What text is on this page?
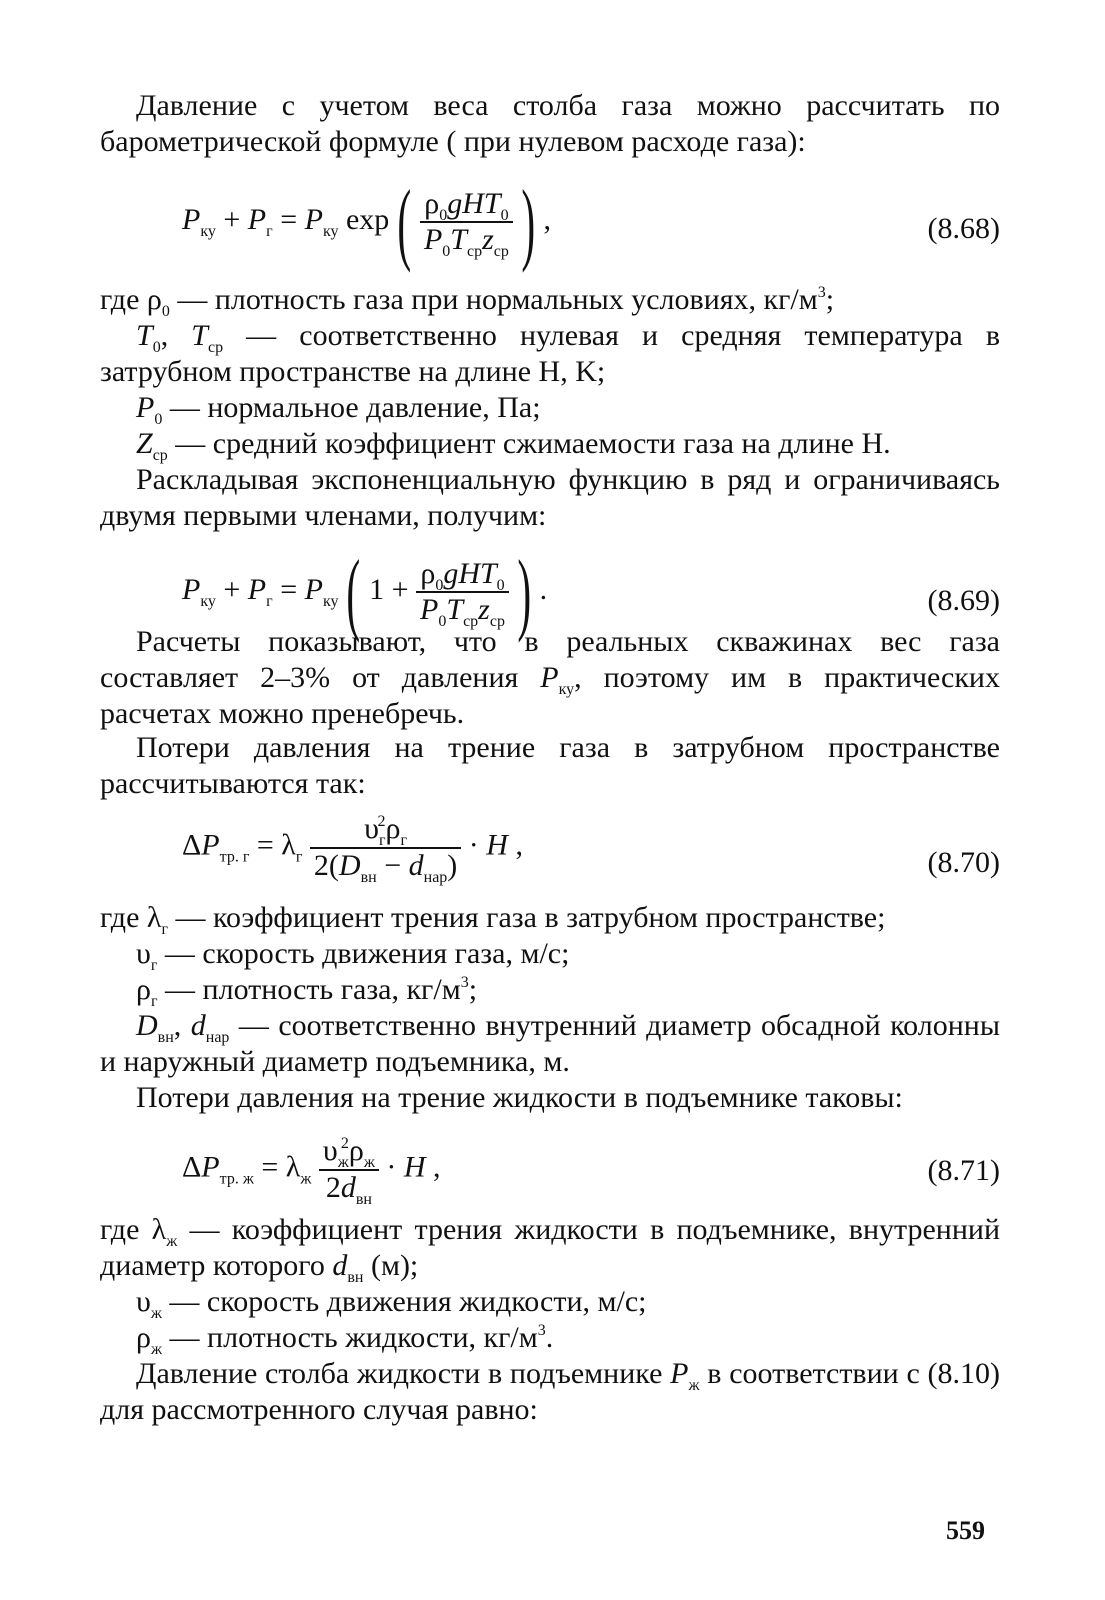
Давление с учетом веса столба газа можно рассчитать по барометрической формуле ( при нулевом расходе газа):
$P_{ку} + P_г = P_{ку}$ $\exp( \frac{\rho_0gHT_0}{P_0T_{ср}z_{ср}}$ ) ,	(8.68)
где $\rho_0$ — плотность газа при нормальных условиях, $кг/м^3$;
$T_0$, $T_{ср}$ — соответственно нулевая и средняя температура в затрубном пространстве на длине H, K;
$P_0$ — нормальное давление, Па;
$Z_{ср}$ — средний коэффициент сжимаемости газа на длине H.
Раскладывая экспоненциальную функцию в ряд и ограничиваясь двумя первыми членами, получим:
$P_{ку} + P_г = P_{ку}$( $1 + \frac{\rho_0gHT_0}{P_0T_{ср}z_{ср}}$ ) .	(8.69)
Расчеты показывают, что в реальных скважинах вес газа составляет 2–3% от давления $P_{ку}$, поэтому им в практических расчетах можно пренебречь.
Потери давления на трение газа в затрубном пространстве рассчитываются так:
$\Delta P_{тр. г} = \lambda_г \frac{\upsilon_г^2\rho_г}{2(D_{вн} - d_{нар})} \cdot H$ ,
(8.70)
где $\lambda_г$ — коэффициент трения газа в затрубном пространстве;
$\upsilon_г$ — скорость движения газа, м/с;
$\rho_г$ — плотность газа, $кг/м^3$;
$D_{вн}$, $d_{нар}$ — соответственно внутренний диаметр обсадной колонны и наружный диаметр подъемника, м.
Потери давления на трение жидкости в подъемнике таковы:
$\Delta P_{тр. ж} = \lambda_ж \frac{\upsilon_ж^2\rho_ж}{2d_{вн}} \cdot H$ ,	(8.71)
где $\lambda_ж$ — коэффициент трения жидкости в подъемнике, внутренний диаметр которого $d_{вн}$ (м);
$\upsilon_ж$ — скорость движения жидкости, м/с;
$\rho_ж$ — плотность жидкости, $кг/м^3$.
Давление столба жидкости в подъемнике $P_ж$ в соответствии с (8.10) для рассмотренного случая равно:
559
